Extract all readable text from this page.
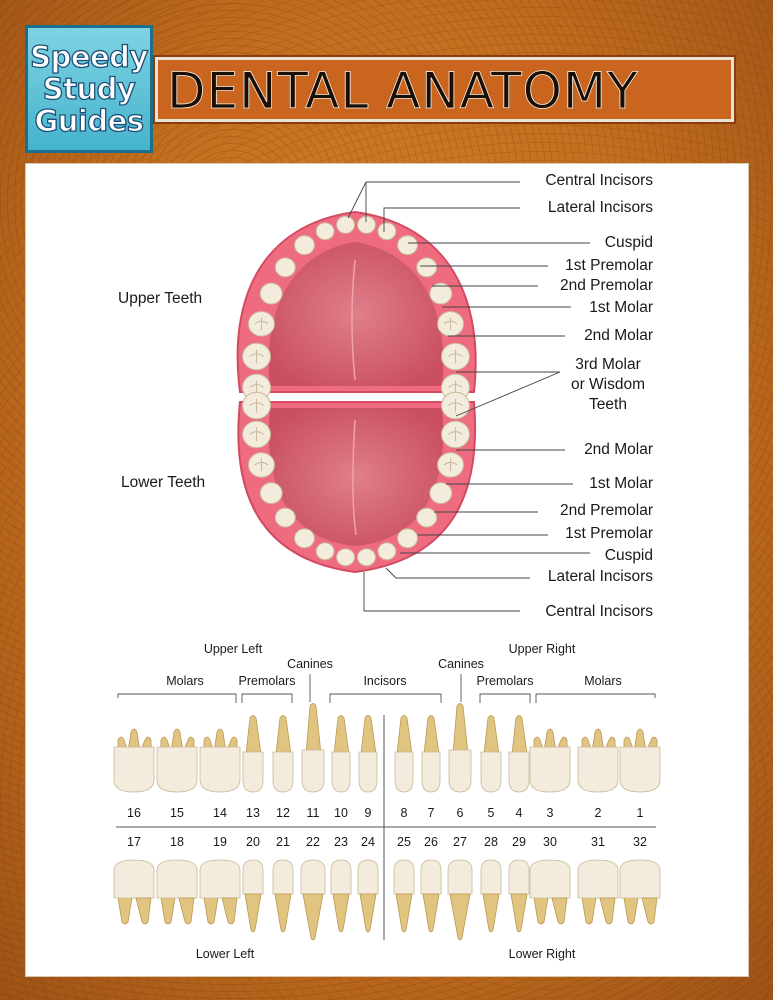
Speedy
Study
Guides
DENTAL ANATOMY
Upper Teeth
Lower Teeth
Central Incisors
Lateral Incisors
Cuspid
1st Premolar
2nd Premolar
1st Molar
2nd Molar
3rd Molar
or Wisdom
Teeth
2nd Molar
1st Molar
2nd Premolar
1st Premolar
Cuspid
Lateral Incisors
Central Incisors
Upper Left	Upper Right
Molars	Premolars
Canines
Incisors
Canines
Premolars	Molars
16 15 14 13 12 11 10 9 8 7 6 5 4 3	2	1
17 18 19 20 21 22 23 24 25 26 27 28 29 30	31 32
Lower Left	Lower Right
